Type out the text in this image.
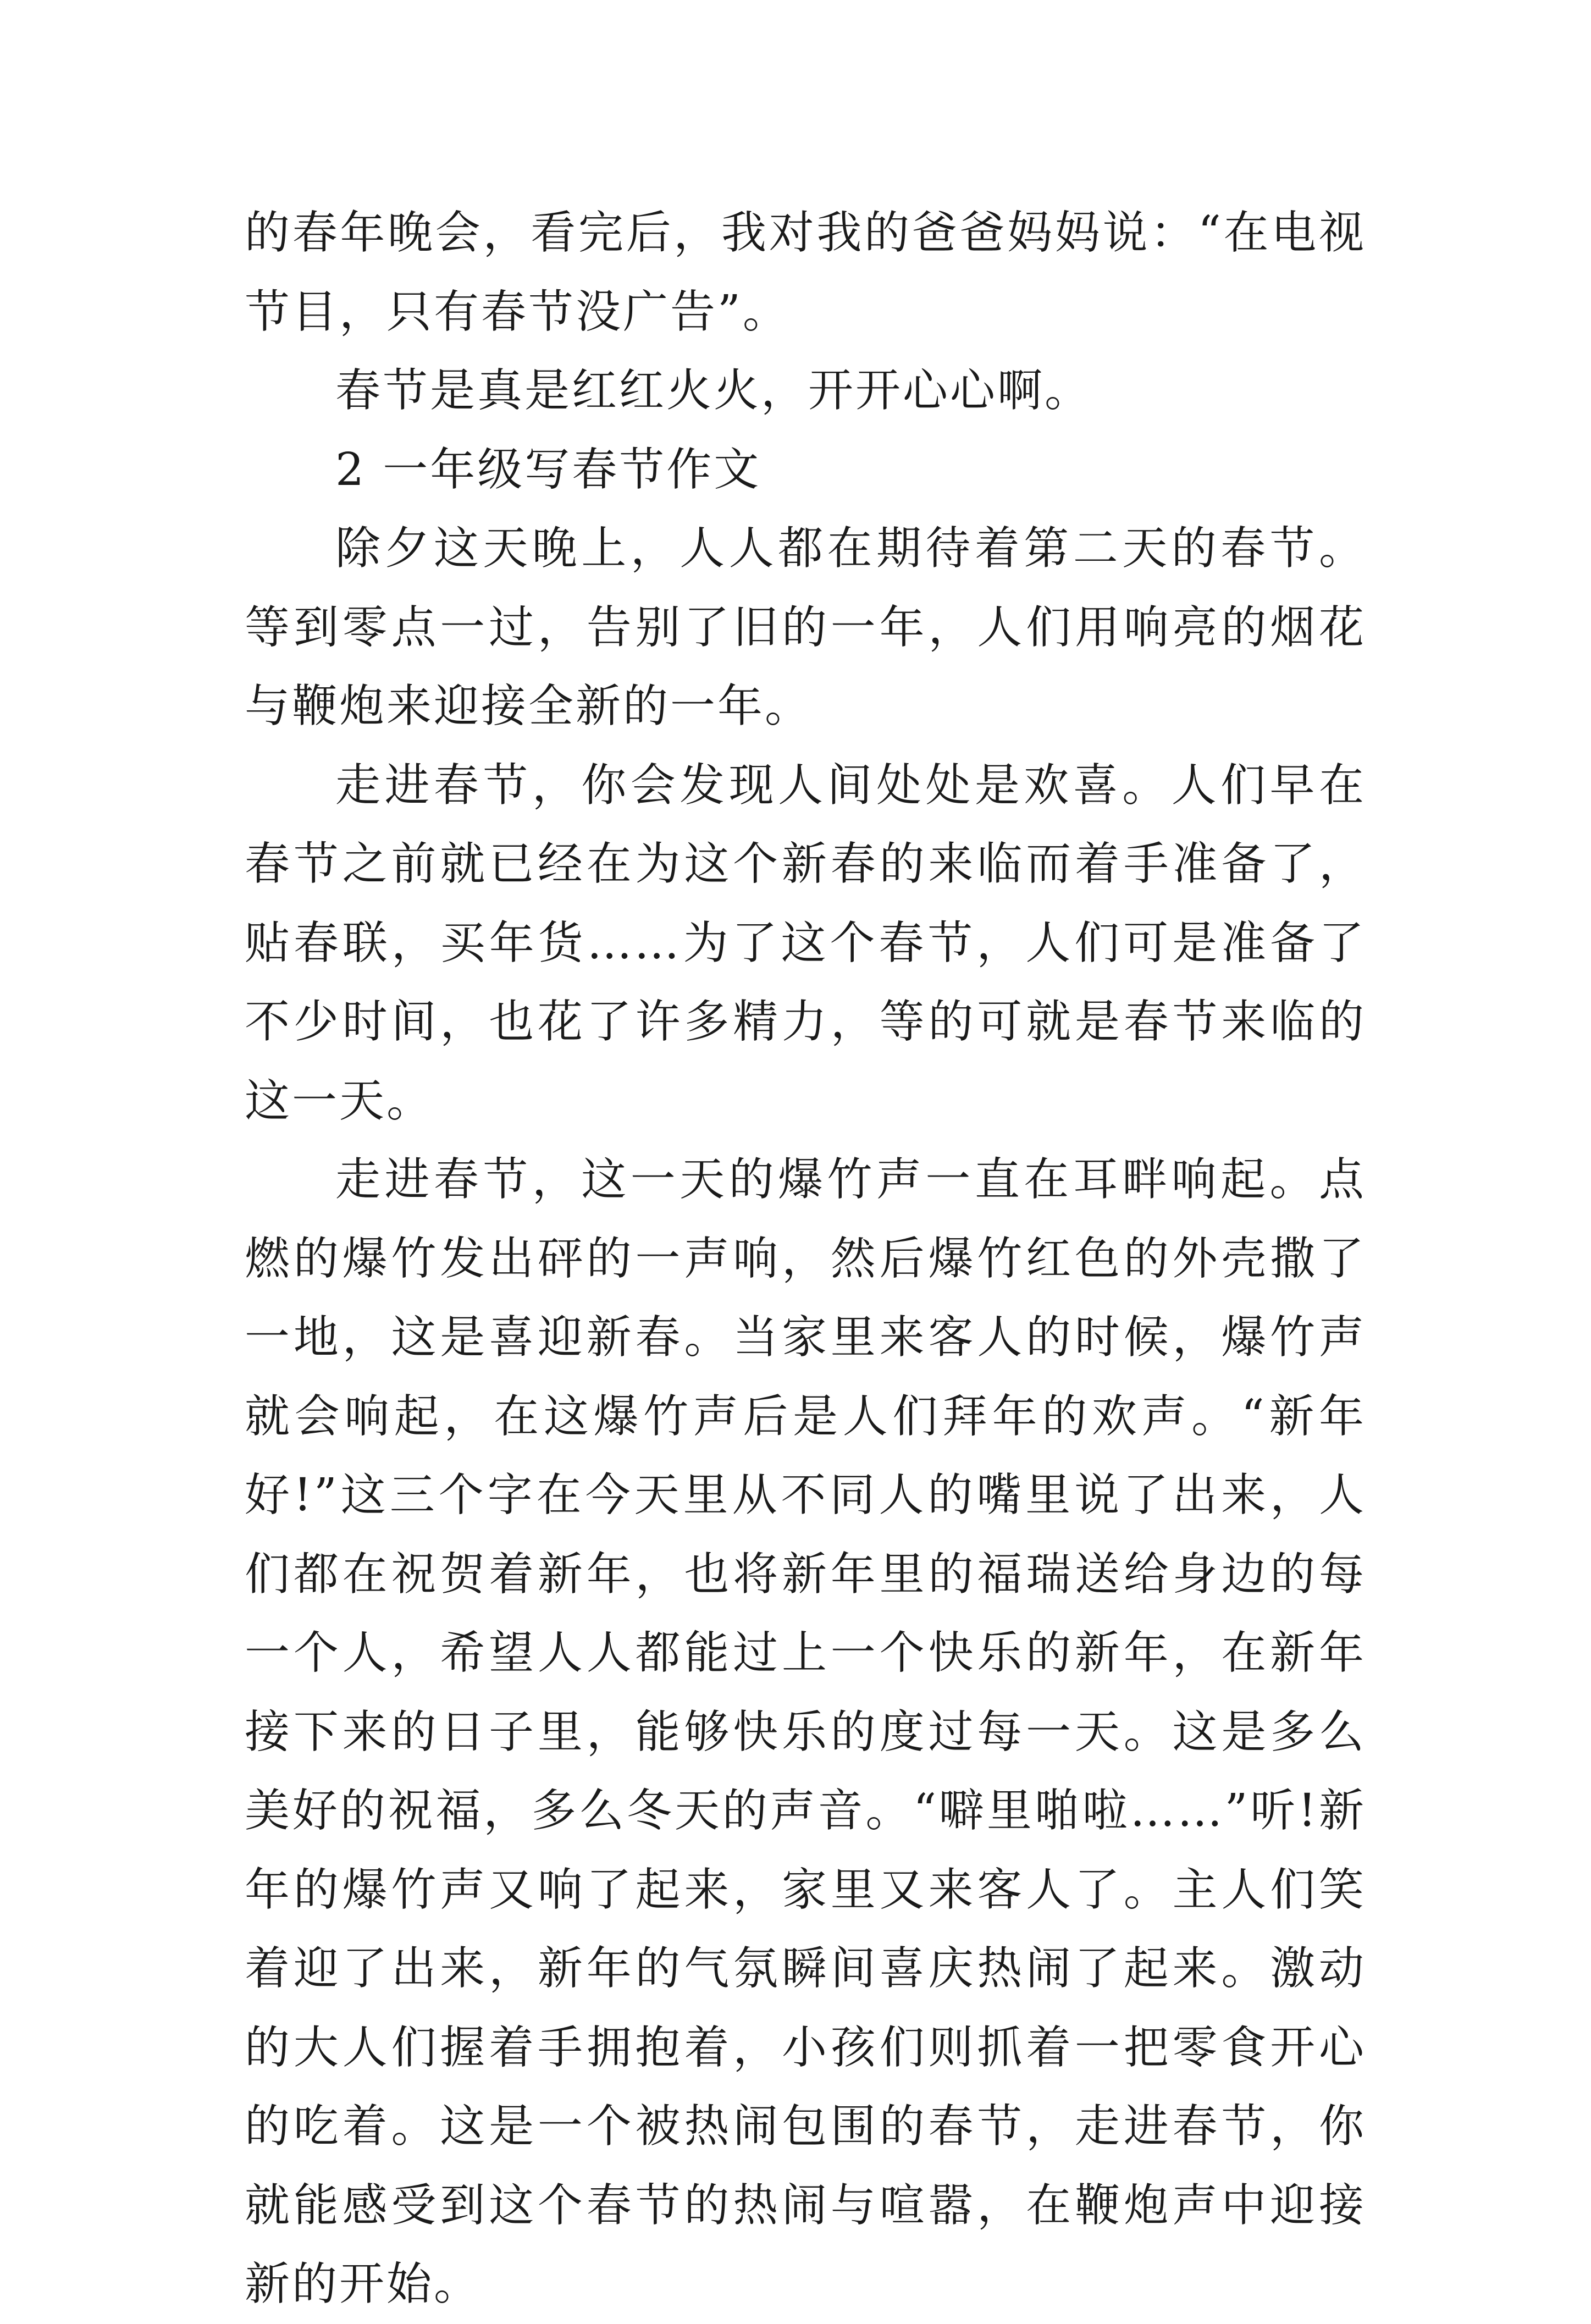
的春年晚会，看完后，我对我的爸爸妈妈说：“在电视节目，只有春节没广告”。

春节是真是红红火火，开开心心啊。

2 一年级写春节作文

除夕这天晚上，人人都在期待着第二天的春节。等到零点一过，告别了旧的一年，人们用响亮的烟花与鞭炮来迎接全新的一年。

走进春节，你会发现人间处处是欢喜。人们早在春节之前就已经在为这个新春的来临而着手准备了，贴春联，买年货……为了这个春节，人们可是准备了不少时间，也花了许多精力，等的可就是春节来临的这一天。

走进春节，这一天的爆竹声一直在耳畔响起。点燃的爆竹发出砰的一声响，然后爆竹红色的外壳撒了一地，这是喜迎新春。当家里来客人的时候，爆竹声就会响起，在这爆竹声后是人们拜年的欢声。“新年好!”这三个字在今天里从不同人的嘴里说了出来，人们都在祝贺着新年，也将新年里的福瑞送给身边的每一个人，希望人人都能过上一个快乐的新年，在新年接下来的日子里，能够快乐的度过每一天。这是多么美好的祝福，多么冬天的声音。“噼里啪啦……”听!新年的爆竹声又响了起来，家里又来客人了。主人们笑着迎了出来，新年的气氛瞬间喜庆热闹了起来。激动的大人们握着手拥抱着，小孩们则抓着一把零食开心的吃着。这是一个被热闹包围的春节，走进春节，你就能感受到这个春节的热闹与喧嚣，在鞭炮声中迎接新的开始。
